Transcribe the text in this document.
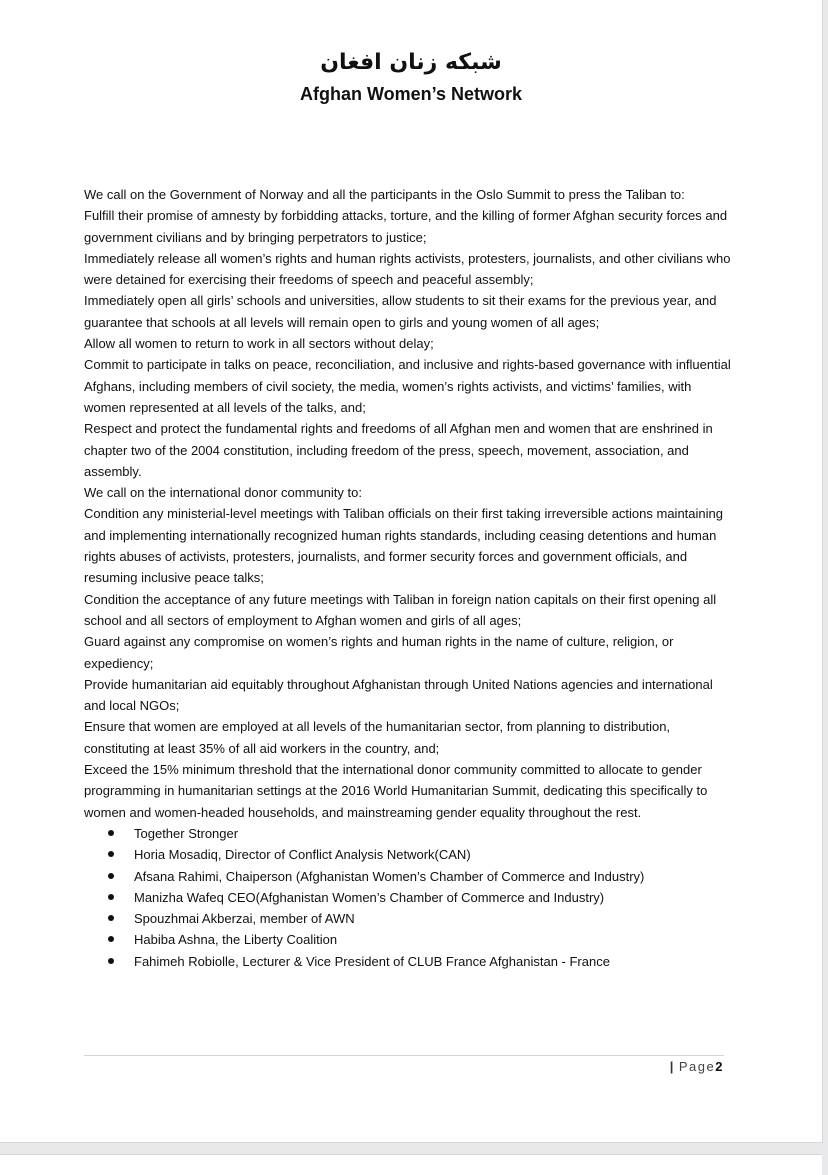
شبکه زنان افغان
Afghan Women’s Network

We call on the Government of Norway and all the participants in the Oslo Summit to press the Taliban to:

Fulfill their promise of amnesty by forbidding attacks, torture, and the killing of former Afghan security forces and government civilians and by bringing perpetrators to justice;

Immediately release all women’s rights and human rights activists, protesters, journalists, and other civilians who were detained for exercising their freedoms of speech and peaceful assembly;

Immediately open all girls’ schools and universities, allow students to sit their exams for the previous year, and guarantee that schools at all levels will remain open to girls and young women of all ages;

Allow all women to return to work in all sectors without delay;

Commit to participate in talks on peace, reconciliation, and inclusive and rights-based governance with influential Afghans, including members of civil society, the media, women’s rights activists, and victims’ families, with women represented at all levels of the talks, and;

Respect and protect the fundamental rights and freedoms of all Afghan men and women that are enshrined in chapter two of the 2004 constitution, including freedom of the press, speech, movement, association, and assembly.

We call on the international donor community to:

Condition any ministerial-level meetings with Taliban officials on their first taking irreversible actions maintaining and implementing internationally recognized human rights standards, including ceasing detentions and human rights abuses of activists, protesters, journalists, and former security forces and government officials, and resuming inclusive peace talks;

Condition the acceptance of any future meetings with Taliban in foreign nation capitals on their first opening all school and all sectors of employment to Afghan women and girls of all ages;

Guard against any compromise on women’s rights and human rights in the name of culture, religion, or expediency;

Provide humanitarian aid equitably throughout Afghanistan through United Nations agencies and international and local NGOs;

Ensure that women are employed at all levels of the humanitarian sector, from planning to distribution, constituting at least 35% of all aid workers in the country, and;

Exceed the 15% minimum threshold that the international donor community committed to allocate to gender programming in humanitarian settings at the 2016 World Humanitarian Summit, dedicating this specifically to women and women-headed households, and mainstreaming gender equality throughout the rest.

Together Stronger
Horia Mosadiq, Director of Conflict Analysis Network(CAN)
Afsana Rahimi, Chaiperson (Afghanistan Women’s Chamber of Commerce and Industry)
Manizha Wafeq CEO(Afghanistan Women’s Chamber of Commerce and Industry)
Spouzhmai Akberzai, member of AWN
Habiba Ashna, the Liberty Coalition
Fahimeh Robiolle, Lecturer & Vice President of CLUB France Afghanistan - France
| Page2
